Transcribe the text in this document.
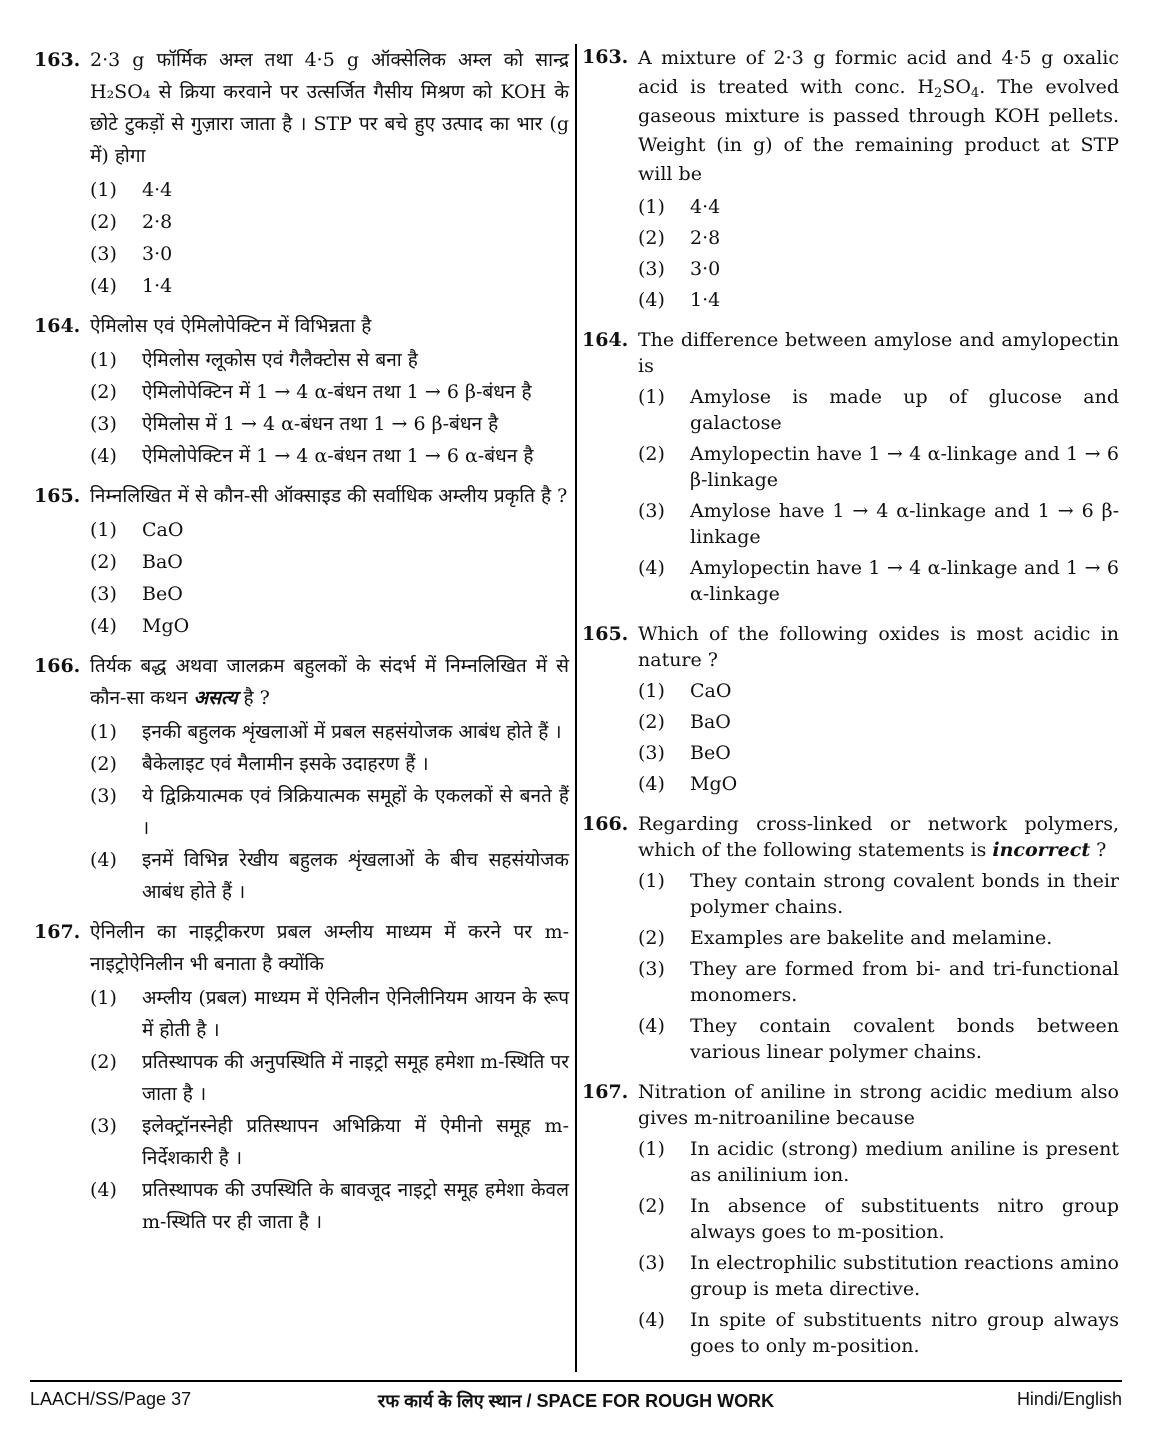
163. 2·3 g फॉर्मिक अम्ल तथा 4·5 g ऑक्सेलिक अम्ल को सान्द्र H₂SO₄ से क्रिया करवाने पर उत्सर्जित गैसीय मिश्रण को KOH के छोटे टुकड़ों से गुज़ारा जाता है । STP पर बचे हुए उत्पाद का भार (g में) होगा
(1) 4·4
(2) 2·8
(3) 3·0
(4) 1·4
164. ऐमिलोस एवं ऐमिलोपेक्टिन में विभिन्नता है
(1) ऐमिलोस ग्लूकोस एवं गैलैक्टोस से बना है
(2) ऐमिलोपेक्टिन में 1 → 4 α-बंधन तथा 1 → 6 β-बंधन है
(3) ऐमिलोस में 1 → 4 α-बंधन तथा 1 → 6 β-बंधन है
(4) ऐमिलोपेक्टिन में 1 → 4 α-बंधन तथा 1 → 6 α-बंधन है
165. निम्नलिखित में से कौन-सी ऑक्साइड की सर्वाधिक अम्लीय प्रकृति है ?
(1) CaO
(2) BaO
(3) BeO
(4) MgO
166. तिर्यक बद्ध अथवा जालक्रम बहुलकों के संदर्भ में निम्नलिखित में से कौन-सा कथन असत्य है ?
(1) इनकी बहुलक शृंखलाओं में प्रबल सहसंयोजक आबंध होते हैं ।
(2) बैकेलाइट एवं मैलामीन इसके उदाहरण हैं ।
(3) ये द्विक्रियात्मक एवं त्रिक्रियात्मक समूहों के एकलकों से बनते हैं ।
(4) इनमें विभिन्न रेखीय बहुलक शृंखलाओं के बीच सहसंयोजक आबंध होते हैं ।
167. ऐनिलीन का नाइट्रीकरण प्रबल अम्लीय माध्यम में करने पर m-नाइट्रोऐनिलीन भी बनाता है क्योंकि
(1) अम्लीय (प्रबल) माध्यम में ऐनिलीन ऐनिलीनियम आयन के रूप में होती है ।
(2) प्रतिस्थापक की अनुपस्थिति में नाइट्रो समूह हमेशा m-स्थिति पर जाता है ।
(3) इलेक्ट्रॉनस्नेही प्रतिस्थापन अभिक्रिया में ऐमीनो समूह m-निर्देशकारी है ।
(4) प्रतिस्थापक की उपस्थिति के बावजूद नाइट्रो समूह हमेशा केवल m-स्थिति पर ही जाता है ।
163. A mixture of 2·3 g formic acid and 4·5 g oxalic acid is treated with conc. $H_2SO_4$. The evolved gaseous mixture is passed through KOH pellets. Weight (in g) of the remaining product at STP will be
(1) 4·4
(2) 2·8
(3) 3·0
(4) 1·4
164. The difference between amylose and amylopectin is
(1) Amylose is made up of glucose and galactose
(2) Amylopectin have 1 → 4 α-linkage and 1 → 6 β-linkage
(3) Amylose have 1 → 4 α-linkage and 1 → 6 β-linkage
(4) Amylopectin have 1 → 4 α-linkage and 1 → 6 α-linkage
165. Which of the following oxides is most acidic in nature ?
(1) CaO
(2) BaO
(3) BeO
(4) MgO
166. Regarding cross-linked or network polymers, which of the following statements is incorrect ?
(1) They contain strong covalent bonds in their polymer chains.
(2) Examples are bakelite and melamine.
(3) They are formed from bi- and tri-functional monomers.
(4) They contain covalent bonds between various linear polymer chains.
167. Nitration of aniline in strong acidic medium also gives m-nitroaniline because
(1) In acidic (strong) medium aniline is present as anilinium ion.
(2) In absence of substituents nitro group always goes to m-position.
(3) In electrophilic substitution reactions amino group is meta directive.
(4) In spite of substituents nitro group always goes to only m-position.
LAACH/SS/Page 37	रफ कार्य के लिए स्थान / SPACE FOR ROUGH WORK	Hindi/English
